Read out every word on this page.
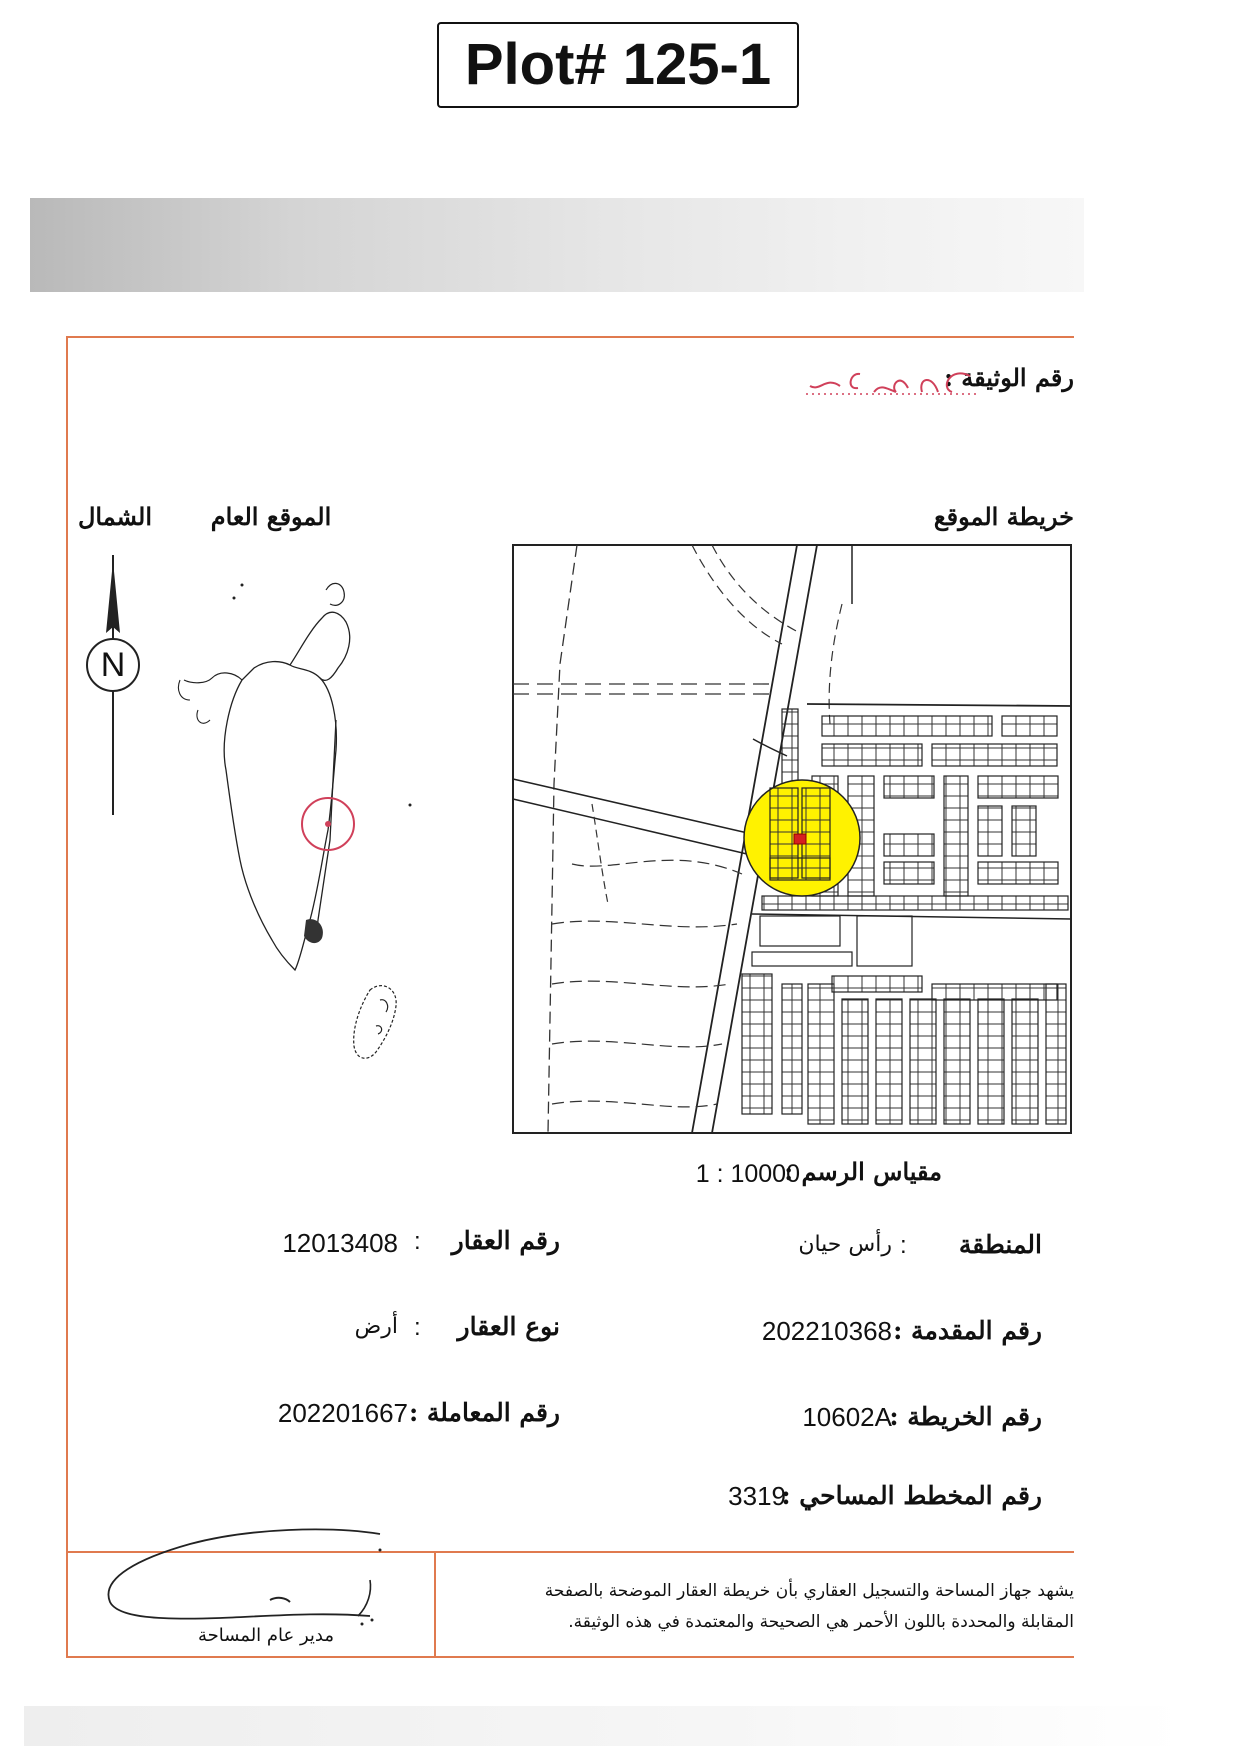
Plot# 125-1
رقم الوثيقة :
خريطة الموقع
الموقع العام
الشمال
N
مقياس الرسم :
1 : 10000
المنطقة
:
رأس حيان
رقم المقدمة :
202210368
رقم الخريطة :
10602A
رقم المخطط المساحي :
3319
رقم العقار
:
12013408
نوع العقار
:
أرض
رقم المعاملة :
202201667
مدير عام المساحة
يشهد جهاز المساحة والتسجيل العقاري بأن خريطة العقار الموضحة بالصفحة
المقابلة والمحددة باللون الأحمر هي الصحيحة والمعتمدة في هذه الوثيقة.
